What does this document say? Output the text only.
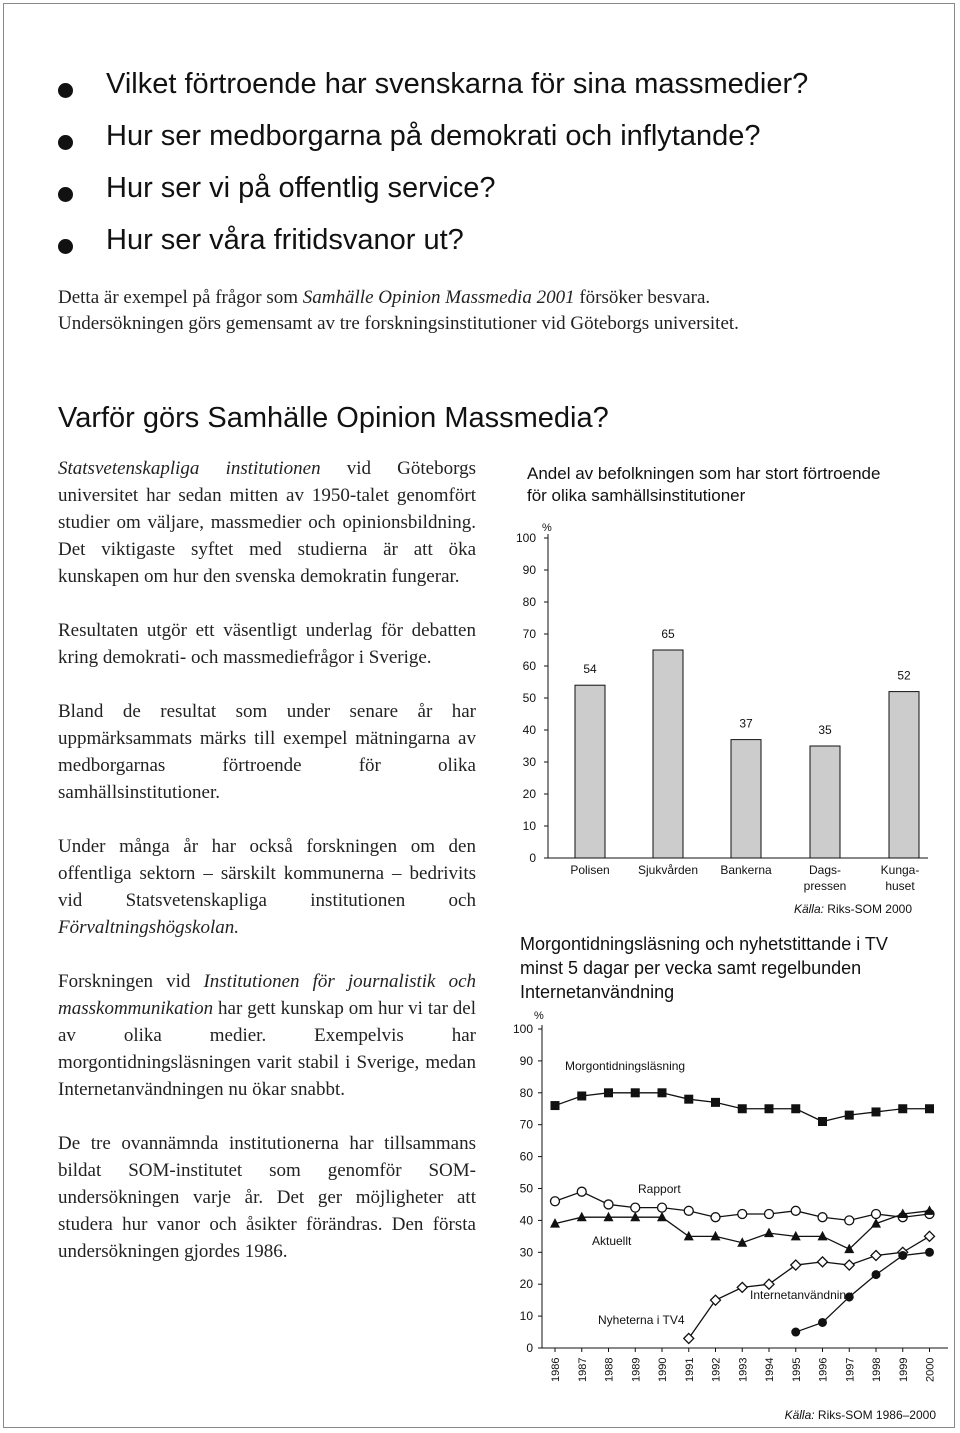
Vilket förtroende har svenskarna för sina massmedier?
Hur ser medborgarna på demokrati och inflytande?
Hur ser vi på offentlig service?
Hur ser våra fritidsvanor ut?

Detta är exempel på frågor som Samhälle Opinion Massmedia 2001 försöker besvara.

Undersökningen görs gemensamt av tre forskningsinstitutioner vid Göteborgs universitet.

Varför görs Samhälle Opinion Massmedia?

Statsvetenskapliga institutionen vid Göteborgs universitet har sedan mitten av 1950-talet genomfört studier om väljare, massmedier och opinionsbildning. Det viktigaste syftet med studierna är att öka kunskapen om hur den svenska demokratin fungerar.

Resultaten utgör ett väsentligt underlag för debatten kring demokrati- och massmediefrågor i Sverige.

Bland de resultat som under senare år har uppmärksammats märks till exempel mätningarna av medborgarnas förtroende för olika samhällsinstitutioner.

Under många år har också forskningen om den offentliga sektorn – särskilt kommunerna – bedrivits vid Statsvetenskapliga institutionen och Förvaltningshögskolan.

Forskningen vid Institutionen för journalistik och masskommunikation har gett kunskap om hur vi tar del av olika medier. Exempelvis har morgontidningsläsningen varit stabil i Sverige, medan Internetanvändningen nu ökar snabbt.

De tre ovannämnda institutionerna har tillsammans bildat SOM-institutet som genomför SOM-undersökningen varje år. Det ger möjligheter att studera hur vanor och åsikter förändras. Den första undersökningen gjordes 1986.

Andel av befolkningen som har stort förtroende
för olika samhällsinstitutioner
%
0
10
20
30
40
50
60
70
80
90
100
54
Polisen
65
Sjukvården
37
Bankerna
35
Dags-
pressen
52
Kunga-
huset
Källa: Riks-SOM 2000
Morgontidningsläsning och nyhetstittande i TV
minst 5 dagar per vecka samt regelbunden
Internetanvändning
%
0
10
20
30
40
50
60
70
80
90
100
1986 1987 1988 1989 1990 1991 1992 1993 1994 1995 1996 1997 1998 1999 2000
Morgontidningsläsning
Rapport
Aktuellt
Nyheterna i TV4
Internetanvändning
Källa: Riks-SOM 1986–2000
